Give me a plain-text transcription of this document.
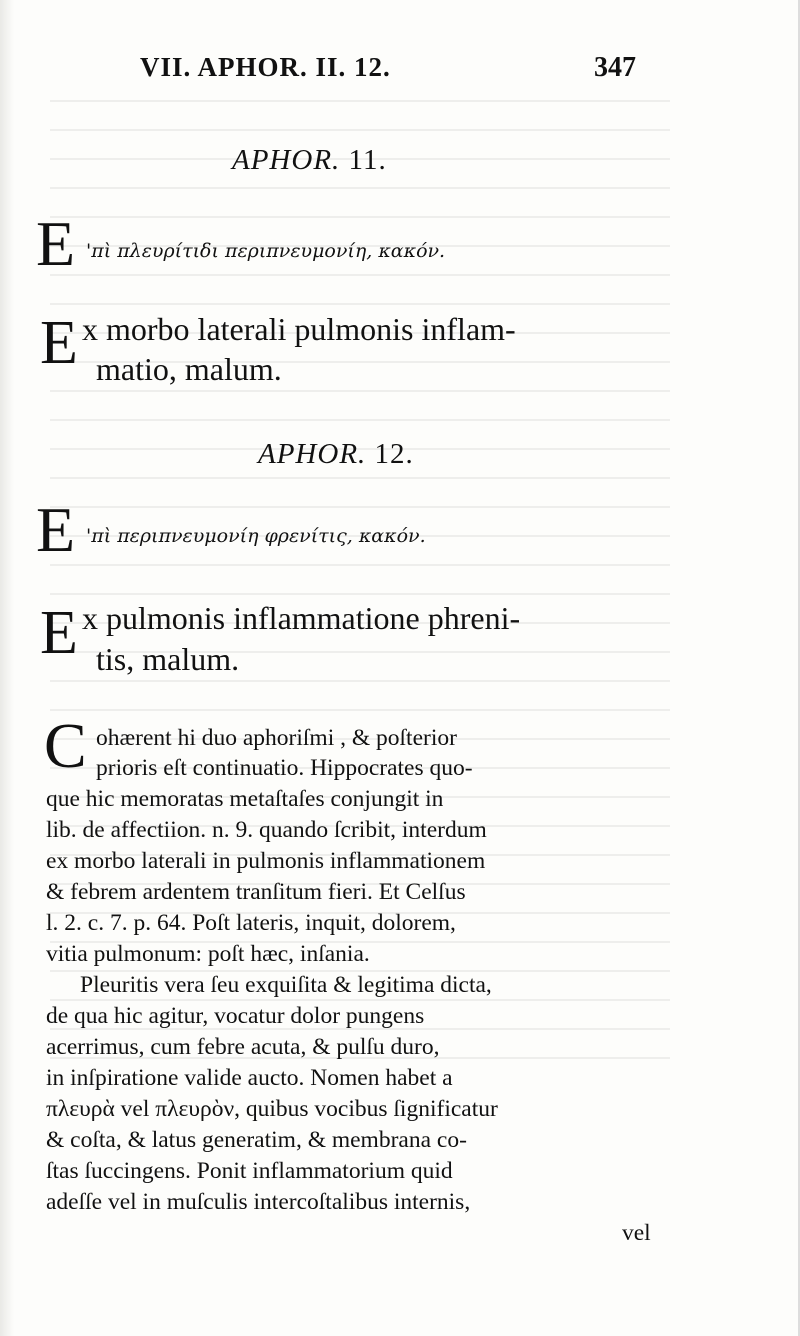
VII. APHOR. II. 12.	347
APHOR. 11.
E 'πὶ πλευρίτιδι περιπνευμονίη, κακόν.
E x morbo laterali pulmonis inflam-
matio, malum.
APHOR. 12.
E 'πὶ περιπνευμονίη φρενίτις, κακόν.
E x pulmonis inflammatione phreni-
tis, malum.
C ohærent hi duo aphoriſmi , & poſterior
prioris eſt continuatio. Hippocrates quo-
que hic memoratas metaſtaſes conjungit in
lib. de affectiion. n. 9. quando ſcribit, interdum
ex morbo laterali in pulmonis inflammationem
& febrem ardentem tranſitum fieri. Et Celſus
l. 2. c. 7. p. 64. Poſt lateris, inquit, dolorem,
vitia pulmonum: poſt hæc, inſania.
Pleuritis vera ſeu exquiſita & legitima dicta,
de qua hic agitur, vocatur dolor pungens
acerrimus, cum febre acuta, & pulſu duro,
in inſpiratione valide aucto. Nomen habet a
πλευρὰ vel πλευρὸν, quibus vocibus ſignificatur
& coſta, & latus generatim, & membrana co-
ſtas ſuccingens. Ponit inflammatorium quid
adeſſe vel in muſculis intercoſtalibus internis,
vel
